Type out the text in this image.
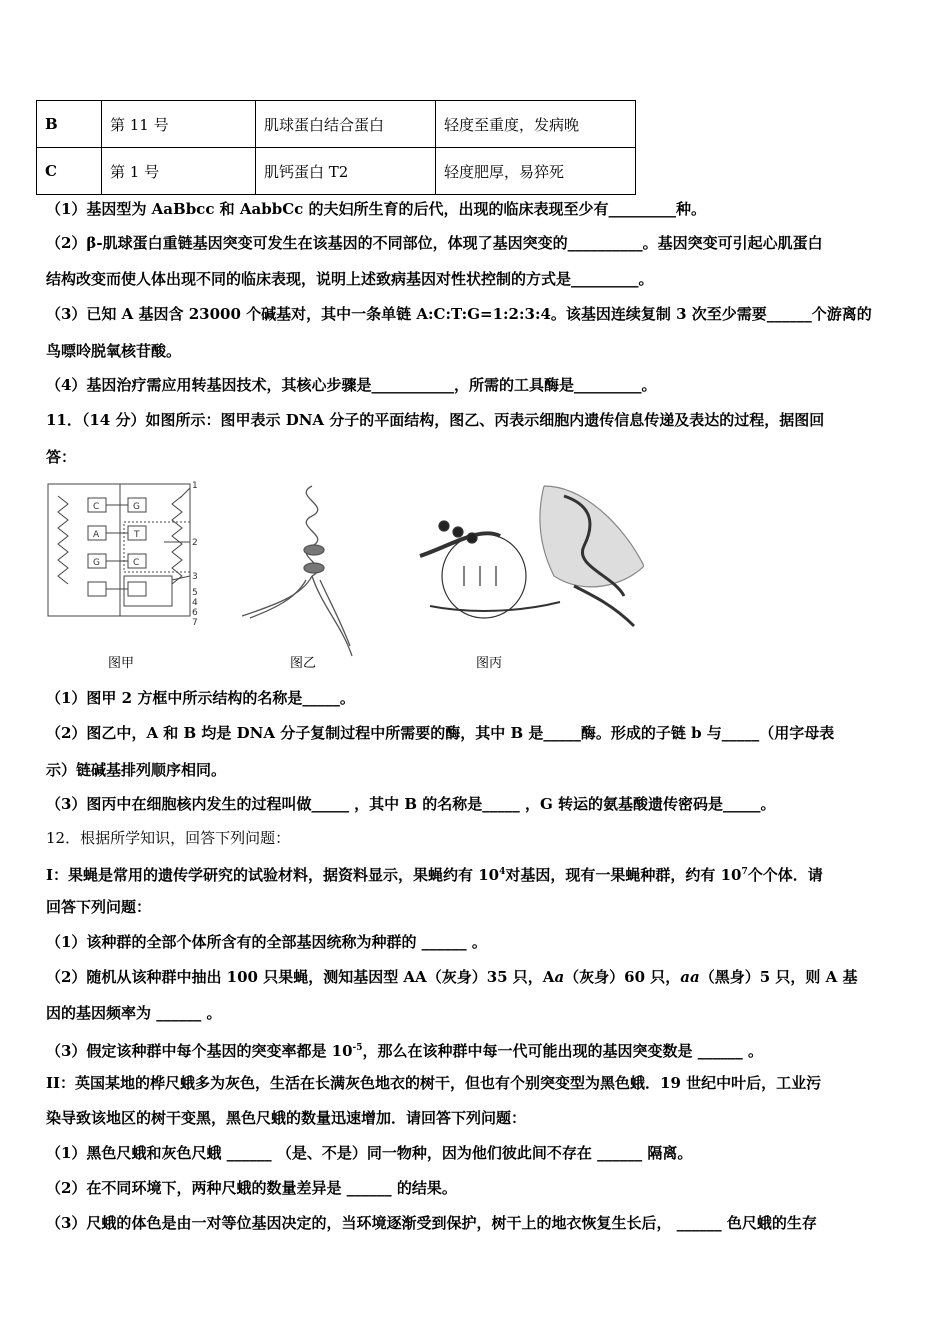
B	第 11 号	肌球蛋白结合蛋白	轻度至重度，发病晚
C	第 1 号	肌钙蛋白 T2	轻度肥厚，易猝死
（1）基因型为 AaBbcc 和 AabbCc 的夫妇所生育的后代，出现的临床表现至少有_________种。
（2）β-肌球蛋白重链基因突变可发生在该基因的不同部位，体现了基因突变的__________。基因突变可引起心肌蛋白
结构改变而使人体出现不同的临床表现，说明上述致病基因对性状控制的方式是_________。
（3）已知 A 基因含 23000 个碱基对，其中一条单链 A:C:T:G=1:2:3:4。该基因连续复制 3 次至少需要______个游离的
鸟嘌呤脱氧核苷酸。
（4）基因治疗需应用转基因技术，其核心步骤是___________，所需的工具酶是_________。
11．（14 分）如图所示：图甲表示 DNA 分子的平面结构，图乙、丙表示细胞内遗传信息传递及表达的过程，据图回
答：
C	G
A	T
G	C
1
2
3
5
4
6
7
图甲	图乙	图丙
（1）图甲 2 方框中所示结构的名称是_____。
（2）图乙中，A 和 B 均是 DNA 分子复制过程中所需要的酶，其中 B 是_____酶。形成的子链 b 与_____（用字母表
示）链碱基排列顺序相同。
（3）图丙中在细胞核内发生的过程叫做_____ ，其中 B 的名称是_____ ，G 转运的氨基酸遗传密码是_____。
12．根据所学知识，回答下列问题：
I：果蝇是常用的遗传学研究的试验材料，据资料显示，果蝇约有 $10^4$对基因，现有一果蝇种群，约有 $10^7$个个体．请
回答下列问题：
（1）该种群的全部个体所含有的全部基因统称为种群的 ______ 。
（2）随机从该种群中抽出 100 只果蝇，测知基因型 AA（灰身）35 只，Aa（灰身）60 只，aa（黑身）5 只，则 A 基
因的基因频率为 ______ 。
（3）假定该种群中每个基因的突变率都是 $10^{-5}$，那么在该种群中每一代可能出现的基因突变数是 ______ 。
II：英国某地的桦尺蛾多为灰色，生活在长满灰色地衣的树干，但也有个别突变型为黑色蛾．19 世纪中叶后，工业污
染导致该地区的树干变黑，黑色尺蛾的数量迅速增加．请回答下列问题：
（1）黑色尺蛾和灰色尺蛾 ______ （是、不是）同一物种，因为他们彼此间不存在 ______ 隔离。
（2）在不同环境下，两种尺蛾的数量差异是 ______ 的结果。
（3）尺蛾的体色是由一对等位基因决定的，当环境逐渐受到保护，树干上的地衣恢复生长后， ______ 色尺蛾的生存
